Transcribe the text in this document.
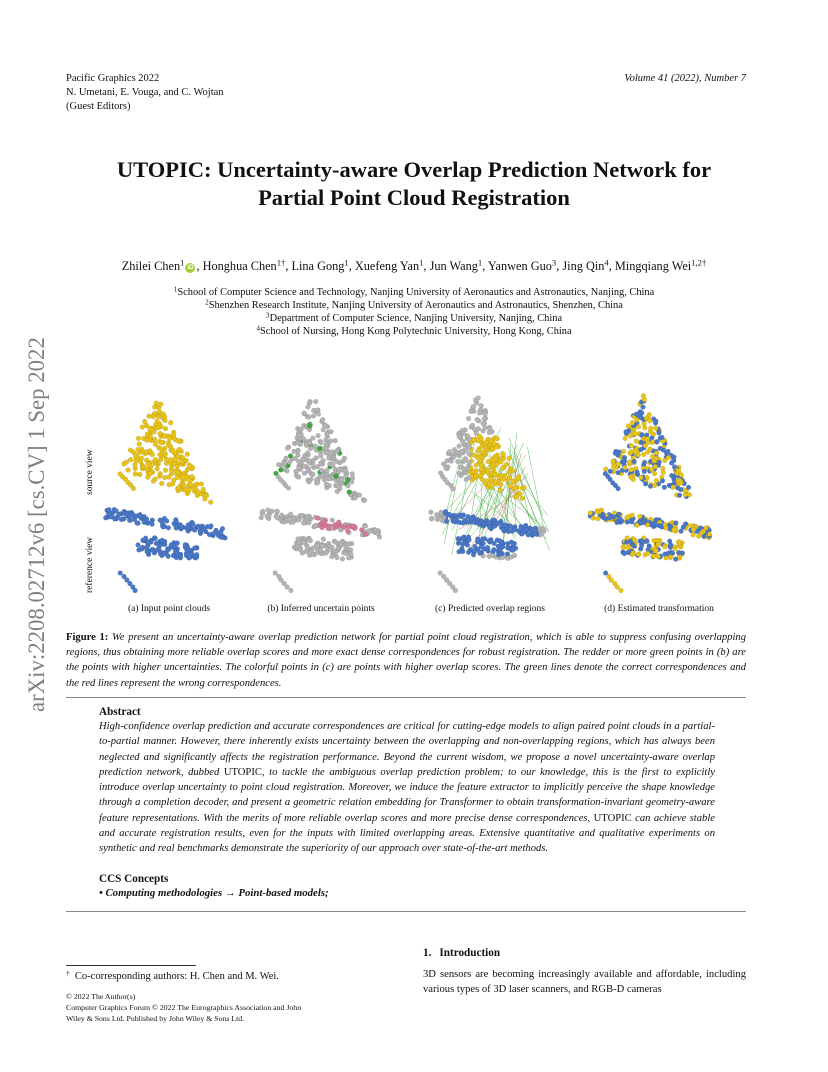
Pacific Graphics 2022
N. Umetani, E. Vouga, and C. Wojtan
(Guest Editors)
Volume 41 (2022), Number 7
arXiv:2208.02712v6 [cs.CV] 1 Sep 2022
UTOPIC: Uncertainty-aware Overlap Prediction Network for
Partial Point Cloud Registration
Zhilei Chen$^1$ iD , Honghua Chen$^{1\dagger}$, Lina Gong$^1$, Xuefeng Yan$^1$, Jun Wang$^1$, Yanwen Guo$^3$, Jing Qin$^4$, Mingqiang Wei$^{1,2\dagger}$
$^1$School of Computer Science and Technology, Nanjing University of Aeronautics and Astronautics, Nanjing, China
$^2$Shenzhen Research Institute, Nanjing University of Aeronautics and Astronautics, Shenzhen, China
$^3$Department of Computer Science, Nanjing University, Nanjing, China
$^4$School of Nursing, Hong Kong Polytechnic University, Hong Kong, China
source view
reference view
(a) Input point clouds	(b) Inferred uncertain points	(c) Predicted overlap regions	(d) Estimated transformation
Figure 1: We present an uncertainty-aware overlap prediction network for partial point cloud registration, which is able to suppress confusing overlapping regions, thus obtaining more reliable overlap scores and more exact dense correspondences for robust registration. The redder or more green points in (b) are the points with higher uncertainties. The colorful points in (c) are points with higher overlap scores. The green lines denote the correct correspondences and the red lines represent the wrong correspondences.
Abstract
High-confidence overlap prediction and accurate correspondences are critical for cutting-edge models to align paired point clouds in a partial-to-partial manner. However, there inherently exists uncertainty between the overlapping and non-overlapping regions, which has always been neglected and significantly affects the registration performance. Beyond the current wisdom, we propose a novel uncertainty-aware overlap prediction network, dubbed UTOPIC, to tackle the ambiguous overlap prediction problem; to our knowledge, this is the first to explicitly introduce overlap uncertainty to point cloud registration. Moreover, we induce the feature extractor to implicitly perceive the shape knowledge through a completion decoder, and present a geometric relation embedding for Transformer to obtain transformation-invariant geometry-aware feature representations. With the merits of more reliable overlap scores and more precise dense correspondences, UTOPIC can achieve stable and accurate registration results, even for the inputs with limited overlapping areas. Extensive quantitative and qualitative experiments on synthetic and real benchmarks demonstrate the superiority of our approach over state-of-the-art methods.
CCS Concepts
• Computing methodologies → Point-based models;
† Co-corresponding authors: H. Chen and M. Wei.
© 2022 The Author(s)
Computer Graphics Forum © 2022 The Eurographics Association and John
Wiley & Sons Ltd. Published by John Wiley & Sons Ltd.
1. Introduction
3D sensors are becoming increasingly available and affordable, including various types of 3D laser scanners, and RGB-D cameras
